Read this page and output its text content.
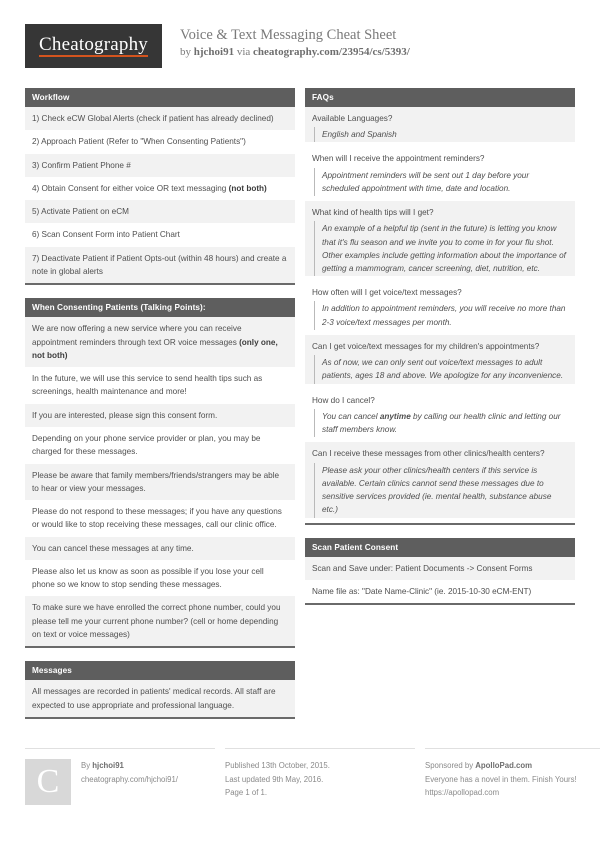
Cheatography Voice & Text Messaging Cheat Sheet
by hjchoi91 via cheatography.com/23954/cs/5393/
Workflow
1) Check eCW Global Alerts (check if patient has already declined)
2) Approach Patient (Refer to "When Consenting Patients")
3) Confirm Patient Phone #
4) Obtain Consent for either voice OR text messaging (not both)
5) Activate Patient on eCM
6) Scan Consent Form into Patient Chart
7) Deactivate Patient if Patient Opts-out (within 48 hours) and create a note in global alerts
When Consenting Patients (Talking Points):
We are now offering a new service where you can receive appointment reminders through text OR voice messages (only one, not both)
In the future, we will use this service to send health tips such as screenings, health maintenance and more!
If you are interested, please sign this consent form.
Depending on your phone service provider or plan, you may be charged for these messages.
Please be aware that family members/friends/strangers may be able to hear or view your messages.
Please do not respond to these messages; if you have any questions or would like to stop receiving these messages, call our clinic office.
You can cancel these messages at any time.
Please also let us know as soon as possible if you lose your cell phone so we know to stop sending these messages.
To make sure we have enrolled the correct phone number, could you please tell me your current phone number? (cell or home depending on text or voice messages)
Messages
All messages are recorded in patients' medical records. All staff are expected to use appropriate and professional language.
FAQs
Available Languages?
English and Spanish
When will I receive the appointment reminders?
Appointment reminders will be sent out 1 day before your scheduled appointment with time, date and location.
What kind of health tips will I get?
An example of a helpful tip (sent in the future) is letting you know that it's flu season and we invite you to come in for your flu shot. Other examples include getting information about the importance of getting a mammogram, cancer screening, diet, nutrition, etc.
How often will I get voice/text messages?
In addition to appointment reminders, you will receive no more than 2-3 voice/text messages per month.
Can I get voice/text messages for my children's appointments?
As of now, we can only sent out voice/text messages to adult patients, ages 18 and above. We apologize for any inconvenience.
How do I cancel?
You can cancel anytime by calling our health clinic and letting our staff members know.
Can I receive these messages from other clinics/health centers?
Please ask your other clinics/health centers if this service is available. Certain clinics cannot send these messages due to sensitive services provided (ie. mental health, substance abuse etc.)
Scan Patient Consent
Scan and Save under: Patient Documents -> Consent Forms
Name file as: "Date Name-Clinic" (ie. 2015-10-30 eCM-ENT)
C	By hjchoi91
cheatography.com/hjchoi91/
Published 13th October, 2015.
Last updated 9th May, 2016.
Page 1 of 1.
Sponsored by ApolloPad.com
Everyone has a novel in them. Finish Yours!
https://apollopad.com
